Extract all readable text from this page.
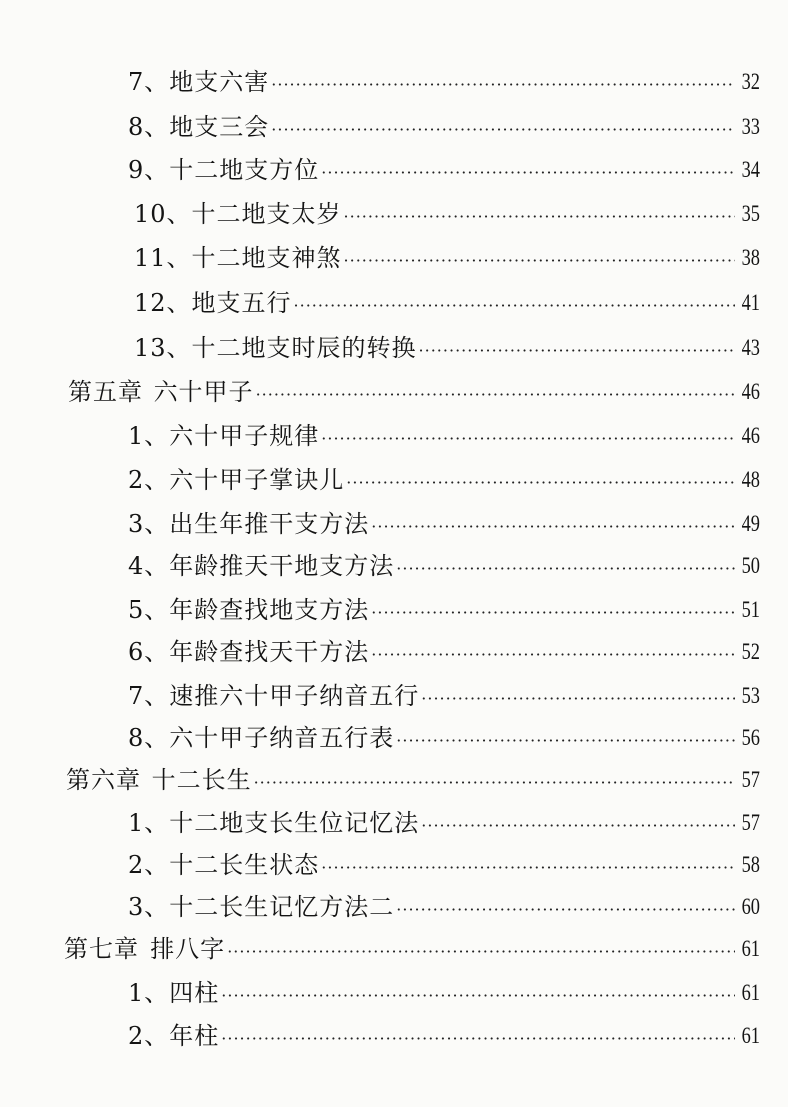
7、 地支六害 ·····	32
8、 地支三会 ·····	33
9、 十二地支方位 ·····	34
10、 十二地支太岁 ·····	35
11、 十二地支神煞 ·····	38
12、 地支五行 ·····	41
13、 十二地支时辰的转换 ·····	43
第五章 六十甲子 ·····	46
1、 六十甲子规律 ·····	46
2、 六十甲子掌诀儿 ·····	48
3、 出生年推干支方法 ·····	49
4、 年龄推天干地支方法 ·····	50
5、 年龄查找地支方法 ·····	51
6、 年龄查找天干方法 ·····	52
7、 速推六十甲子纳音五行 ·····	53
8、 六十甲子纳音五行表 ·····	56
第六章 十二长生 ·····	57
1、 十二地支长生位记忆法 ·····	57
2、 十二长生状态 ·····	58
3、 十二长生记忆方法二 ·····	60
第七章 排八字 ·····	61
1、 四柱 ·····	61
2、 年柱 ·····	61
